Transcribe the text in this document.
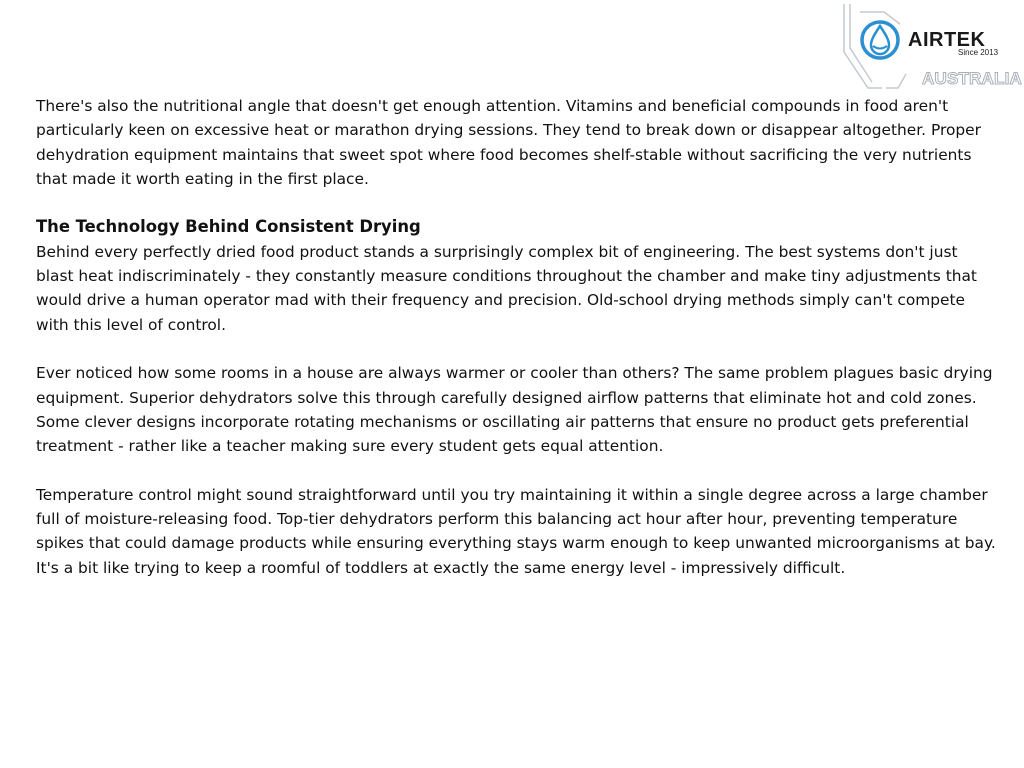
AIRTEK
Since 2013
AUSTRALIA

There's also the nutritional angle that doesn't get enough attention. Vitamins and beneficial compounds in food aren't particularly keen on excessive heat or marathon drying sessions. They tend to break down or disappear altogether. Proper dehydration equipment maintains that sweet spot where food becomes shelf-stable without sacrificing the very nutrients that made it worth eating in the first place.

The Technology Behind Consistent Drying

Behind every perfectly dried food product stands a surprisingly complex bit of engineering. The best systems don't just blast heat indiscriminately - they constantly measure conditions throughout the chamber and make tiny adjustments that would drive a human operator mad with their frequency and precision. Old-school drying methods simply can't compete with this level of control.

Ever noticed how some rooms in a house are always warmer or cooler than others? The same problem plagues basic drying equipment. Superior dehydrators solve this through carefully designed airflow patterns that eliminate hot and cold zones. Some clever designs incorporate rotating mechanisms or oscillating air patterns that ensure no product gets preferential treatment - rather like a teacher making sure every student gets equal attention.

Temperature control might sound straightforward until you try maintaining it within a single degree across a large chamber full of moisture-releasing food. Top-tier dehydrators perform this balancing act hour after hour, preventing temperature spikes that could damage products while ensuring everything stays warm enough to keep unwanted microorganisms at bay. It's a bit like trying to keep a roomful of toddlers at exactly the same energy level - impressively difficult.
